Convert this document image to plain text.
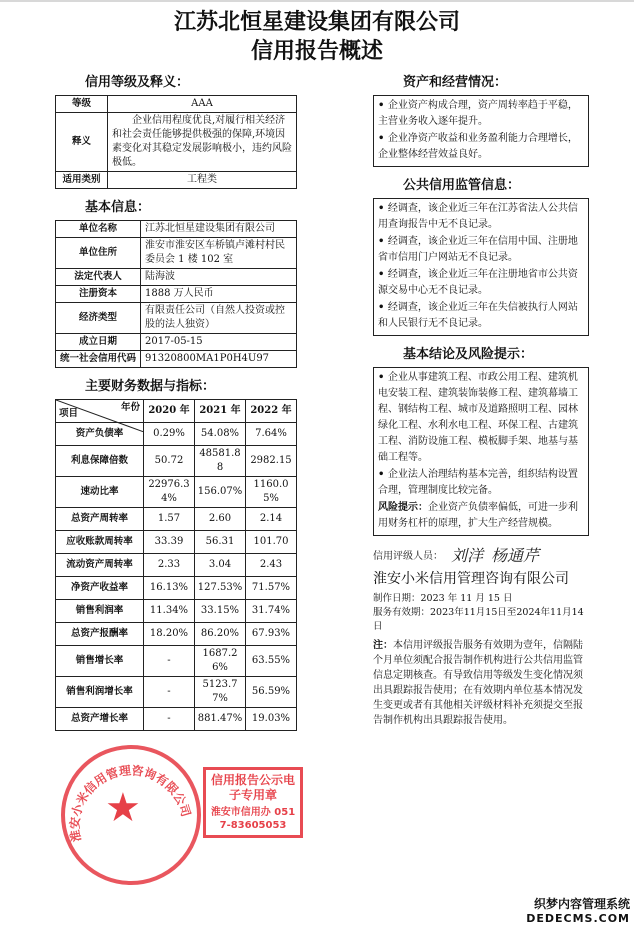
江苏北恒星建设集团有限公司
信用报告概述
信用等级及释义：
等级	AAA
释义	企业信用程度优良,对履行相关经济和社会责任能够提供极强的保障,环境因素变化对其稳定发展影响极小，违约风险极低。
适用类别	工程类
基本信息：
单位名称	江苏北恒星建设集团有限公司
单位住所	淮安市淮安区车桥镇卢滩村村民委员会 1 楼 102 室
法定代表人	陆海波
注册资本	1888 万人民币
经济类型	有限责任公司（自然人投资或控股的法人独资）
成立日期	2017-05-15
统一社会信用代码	91320800MA1P0H4U97
主要财务数据与指标：
年份
项目	2020 年	2021 年	2022 年
资产负债率	0.29%	54.08%	7.64%
利息保障倍数	50.72	48581.88	2982.15
速动比率	22976.34%	156.07%	1160.05%
总资产周转率	1.57	2.60	2.14
应收账款周转率	33.39	56.31	101.70
流动资产周转率	2.33	3.04	2.43
净资产收益率	16.13%	127.53%	71.57%
销售利润率	11.34%	33.15%	31.74%
总资产报酬率	18.20%	86.20%	67.93%
销售增长率	-	1687.26%	63.55%
销售利润增长率	-	5123.77%	56.59%
总资产增长率	-	881.47%	19.03%
淮安小米信用管理咨询有限公司
★
信用报告公示电子专用章
淮安市信用办 0517-83605053
资产和经营情况：

• 企业资产构成合理，资产周转率趋于平稳，主营业务收入逐年提升。

• 企业净资产收益和业务盈利能力合理增长，企业整体经营效益良好。

公共信用监管信息：

• 经调查，该企业近三年在江苏省法人公共信用查询报告中无不良记录。

• 经调查，该企业近三年在信用中国、注册地省市信用门户网站无不良记录。

• 经调查，该企业近三年在注册地省市公共资源交易中心无不良记录。

• 经调查，该企业近三年在失信被执行人网站和人民银行无不良记录。

基本结论及风险提示：

• 企业从事建筑工程、市政公用工程、建筑机电安装工程、建筑装饰装修工程、建筑幕墙工程、钢结构工程、城市及道路照明工程、园林绿化工程、水利水电工程、环保工程、古建筑工程、消防设施工程、模板脚手架、地基与基础工程等。

• 企业法人治理结构基本完善，组织结构设置合理，管理制度比较完备。

风险提示：企业资产负债率偏低，可进一步利用财务杠杆的原理，扩大生产经营规模。

信用评级人员： 刘洋 杨通芹
淮安小米信用管理咨询有限公司
制作日期：2023 年 11 月 15 日
服务有效期：2023年11月15日至2024年11月14日
注：本信用评级报告服务有效期为壹年，信隔陆个月单位须配合报告制作机构进行公共信用监管信息定期核查。有导致信用等级发生变化情况须出具跟踪报告使用；在有效期内单位基本情况发生变更或者有其他相关评级材料补充须提交至报告制作机构出具跟踪报告使用。
织梦内容管理系统
DEDECMS.COM
